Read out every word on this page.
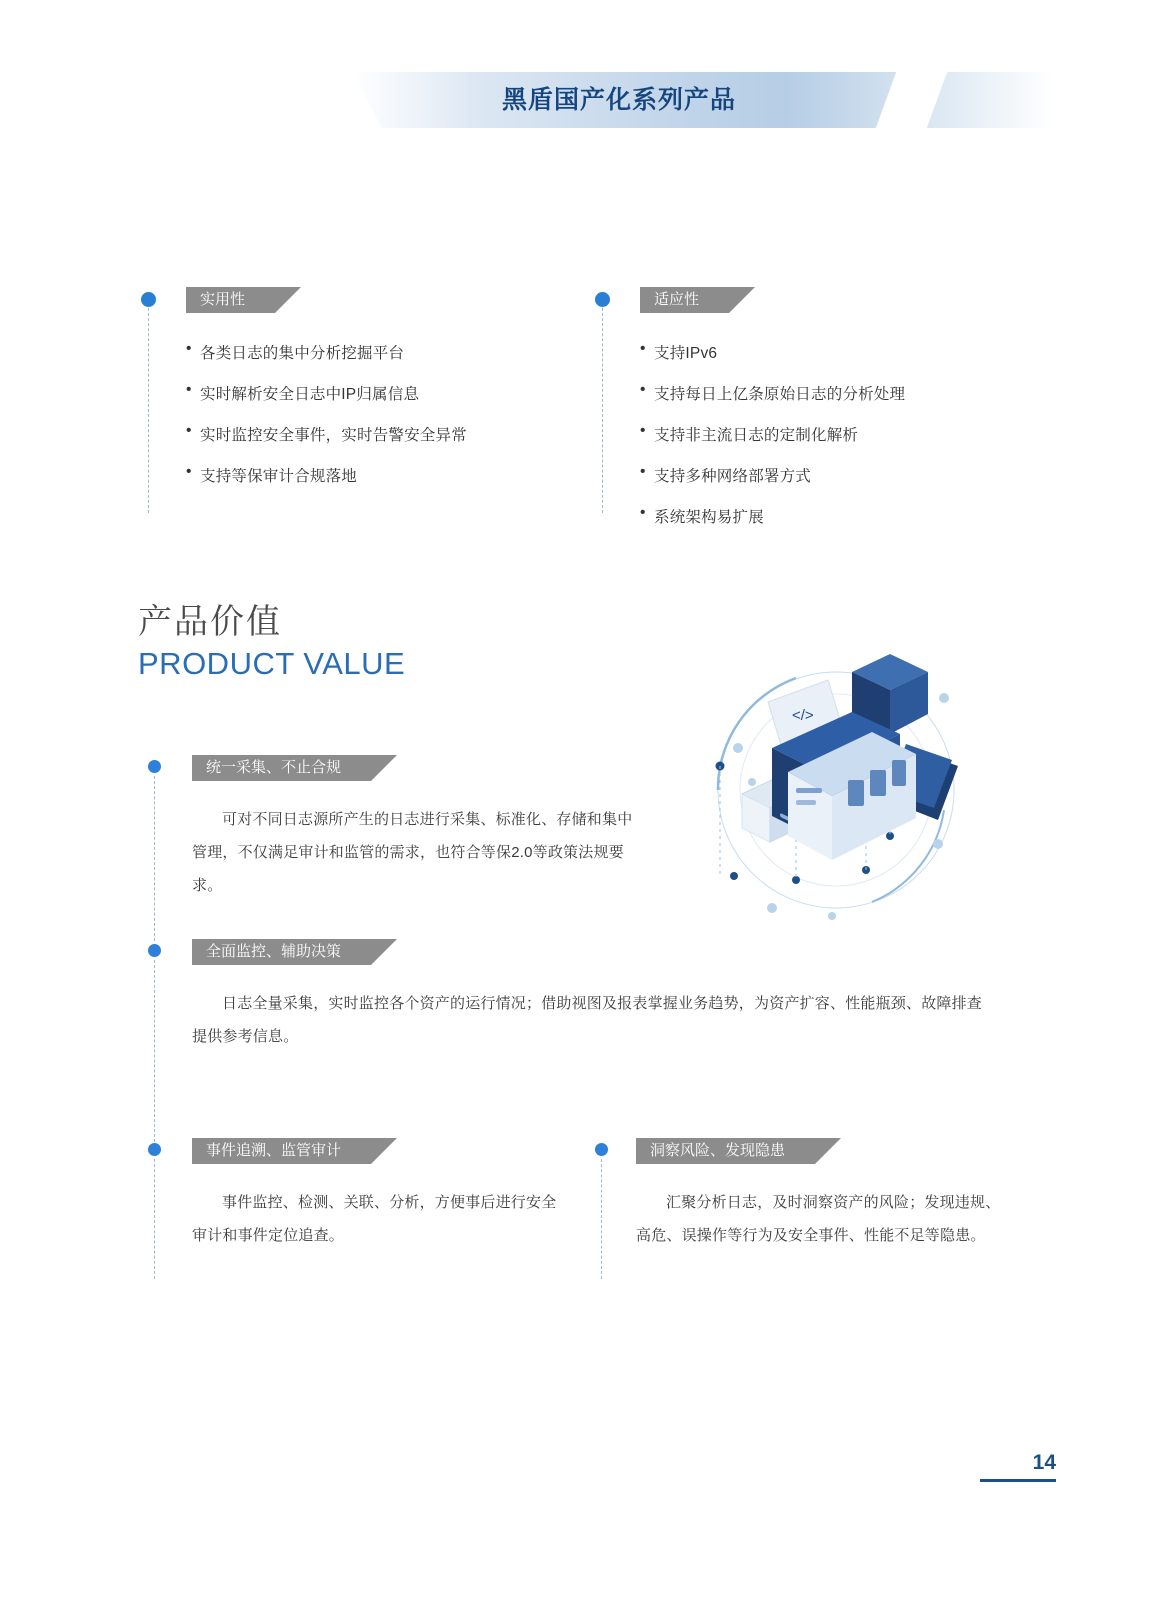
黑盾国产化系列产品
实用性
• 各类日志的集中分析挖掘平台
• 实时解析安全日志中IP归属信息
• 实时监控安全事件，实时告警安全异常
• 支持等保审计合规落地
适应性
• 支持IPv6
• 支持每日上亿条原始日志的分析处理
• 支持非主流日志的定制化解析
• 支持多种网络部署方式
• 系统架构易扩展
产品价值
PRODUCT VALUE
</>
统一采集、不止合规
可对不同日志源所产生的日志进行采集、标准化、存储和集中管理，不仅满足审计和监管的需求，也符合等保2.0等政策法规要求。
全面监控、辅助决策
日志全量采集，实时监控各个资产的运行情况；借助视图及报表掌握业务趋势，为资产扩容、性能瓶颈、故障排查提供参考信息。
事件追溯、监管审计
事件监控、检测、关联、分析，方便事后进行安全审计和事件定位追查。
洞察风险、发现隐患
汇聚分析日志，及时洞察资产的风险；发现违规、高危、误操作等行为及安全事件、性能不足等隐患。
14
